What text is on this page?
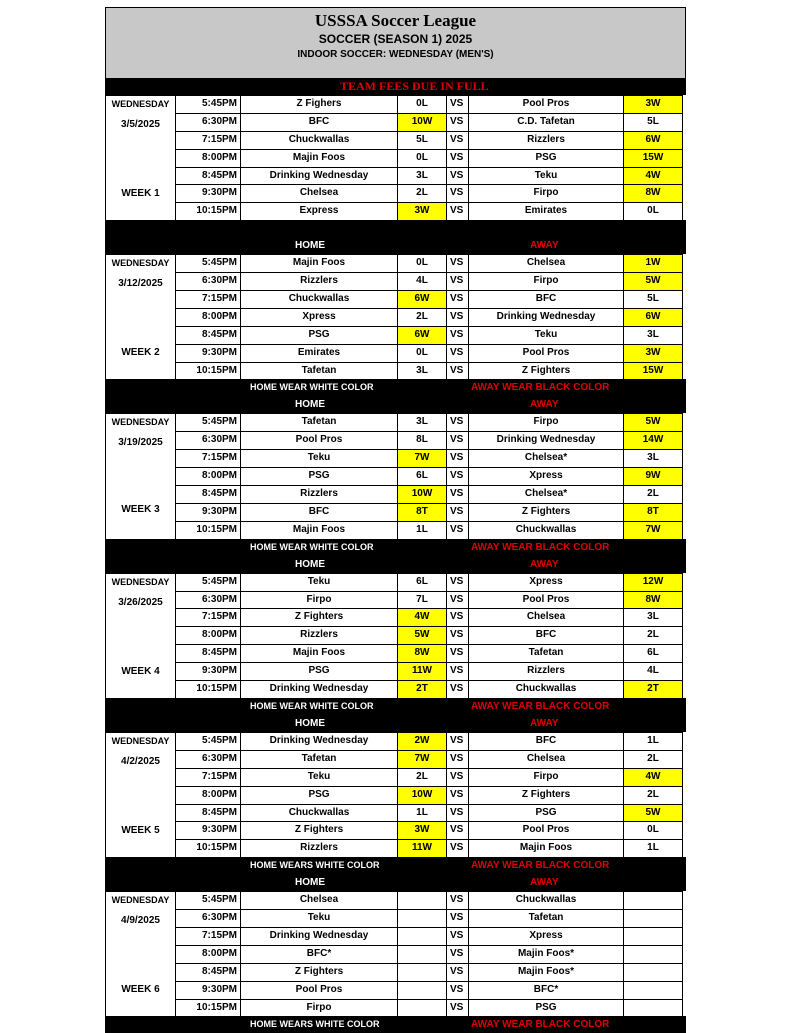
USSSA Soccer League
SOCCER (SEASON 1) 2025
INDOOR SOCCER: WEDNESDAY (MEN'S)
TEAM FEES DUE IN FULL
WEDNESDAY
3/5/2025
WEEK 1
5:45PM	Z Fighers	0L	VS	Pool Pros	3W
6:30PM	BFC	10W	VS	C.D. Tafetan	5L
7:15PM	Chuckwallas	5L	VS	Rizzlers	6W
8:00PM	Majin Foos	0L	VS	PSG	15W
8:45PM	Drinking Wednesday	3L	VS	Teku	4W
9:30PM	Chelsea	2L	VS	Firpo	8W
10:15PM	Express	3W	VS	Emirates	0L
HOME	AWAY
WEDNESDAY
3/12/2025
WEEK 2
5:45PM	Majin Foos	0L	VS	Chelsea	1W
6:30PM	Rizzlers	4L	VS	Firpo	5W
7:15PM	Chuckwallas	6W	VS	BFC	5L
8:00PM	Xpress	2L	VS	Drinking Wednesday	6W
8:45PM	PSG	6W	VS	Teku	3L
9:30PM	Emirates	0L	VS	Pool Pros	3W
10:15PM	Tafetan	3L	VS	Z Fighters	15W
HOME WEAR WHITE COLOR	AWAY WEAR BLACK COLOR
HOME	AWAY
WEDNESDAY
3/19/2025
WEEK 3
5:45PM	Tafetan	3L	VS	Firpo	5W
6:30PM	Pool Pros	8L	VS	Drinking Wednesday	14W
7:15PM	Teku	7W	VS	Chelsea*	3L
8:00PM	PSG	6L	VS	Xpress	9W
8:45PM	Rizzlers	10W	VS	Chelsea*	2L
9:30PM	BFC	8T	VS	Z Fighters	8T
10:15PM	Majin Foos	1L	VS	Chuckwallas	7W
HOME WEAR WHITE COLOR	AWAY WEAR BLACK COLOR
HOME	AWAY
WEDNESDAY
3/26/2025
WEEK 4
5:45PM	Teku	6L	VS	Xpress	12W
6:30PM	Firpo	7L	VS	Pool Pros	8W
7:15PM	Z Fighters	4W	VS	Chelsea	3L
8:00PM	Rizzlers	5W	VS	BFC	2L
8:45PM	Majin Foos	8W	VS	Tafetan	6L
9:30PM	PSG	11W	VS	Rizzlers	4L
10:15PM	Drinking Wednesday	2T	VS	Chuckwallas	2T
HOME WEAR WHITE COLOR	AWAY WEAR BLACK COLOR
HOME	AWAY
WEDNESDAY
4/2/2025
WEEK 5
5:45PM	Drinking Wednesday	2W	VS	BFC	1L
6:30PM	Tafetan	7W	VS	Chelsea	2L
7:15PM	Teku	2L	VS	Firpo	4W
8:00PM	PSG	10W	VS	Z Fighters	2L
8:45PM	Chuckwallas	1L	VS	PSG	5W
9:30PM	Z Fighters	3W	VS	Pool Pros	0L
10:15PM	Rizzlers	11W	VS	Majin Foos	1L
HOME WEARS WHITE COLOR	AWAY WEAR BLACK COLOR
HOME	AWAY
WEDNESDAY
4/9/2025
WEEK 6
5:45PM	Chelsea	VS	Chuckwallas
6:30PM	Teku	VS	Tafetan
7:15PM	Drinking Wednesday	VS	Xpress
8:00PM	BFC*	VS	Majin Foos*
8:45PM	Z Fighters	VS	Majin Foos*
9:30PM	Pool Pros	VS	BFC*
10:15PM	Firpo	VS	PSG
HOME WEARS WHITE COLOR	AWAY WEAR BLACK COLOR
